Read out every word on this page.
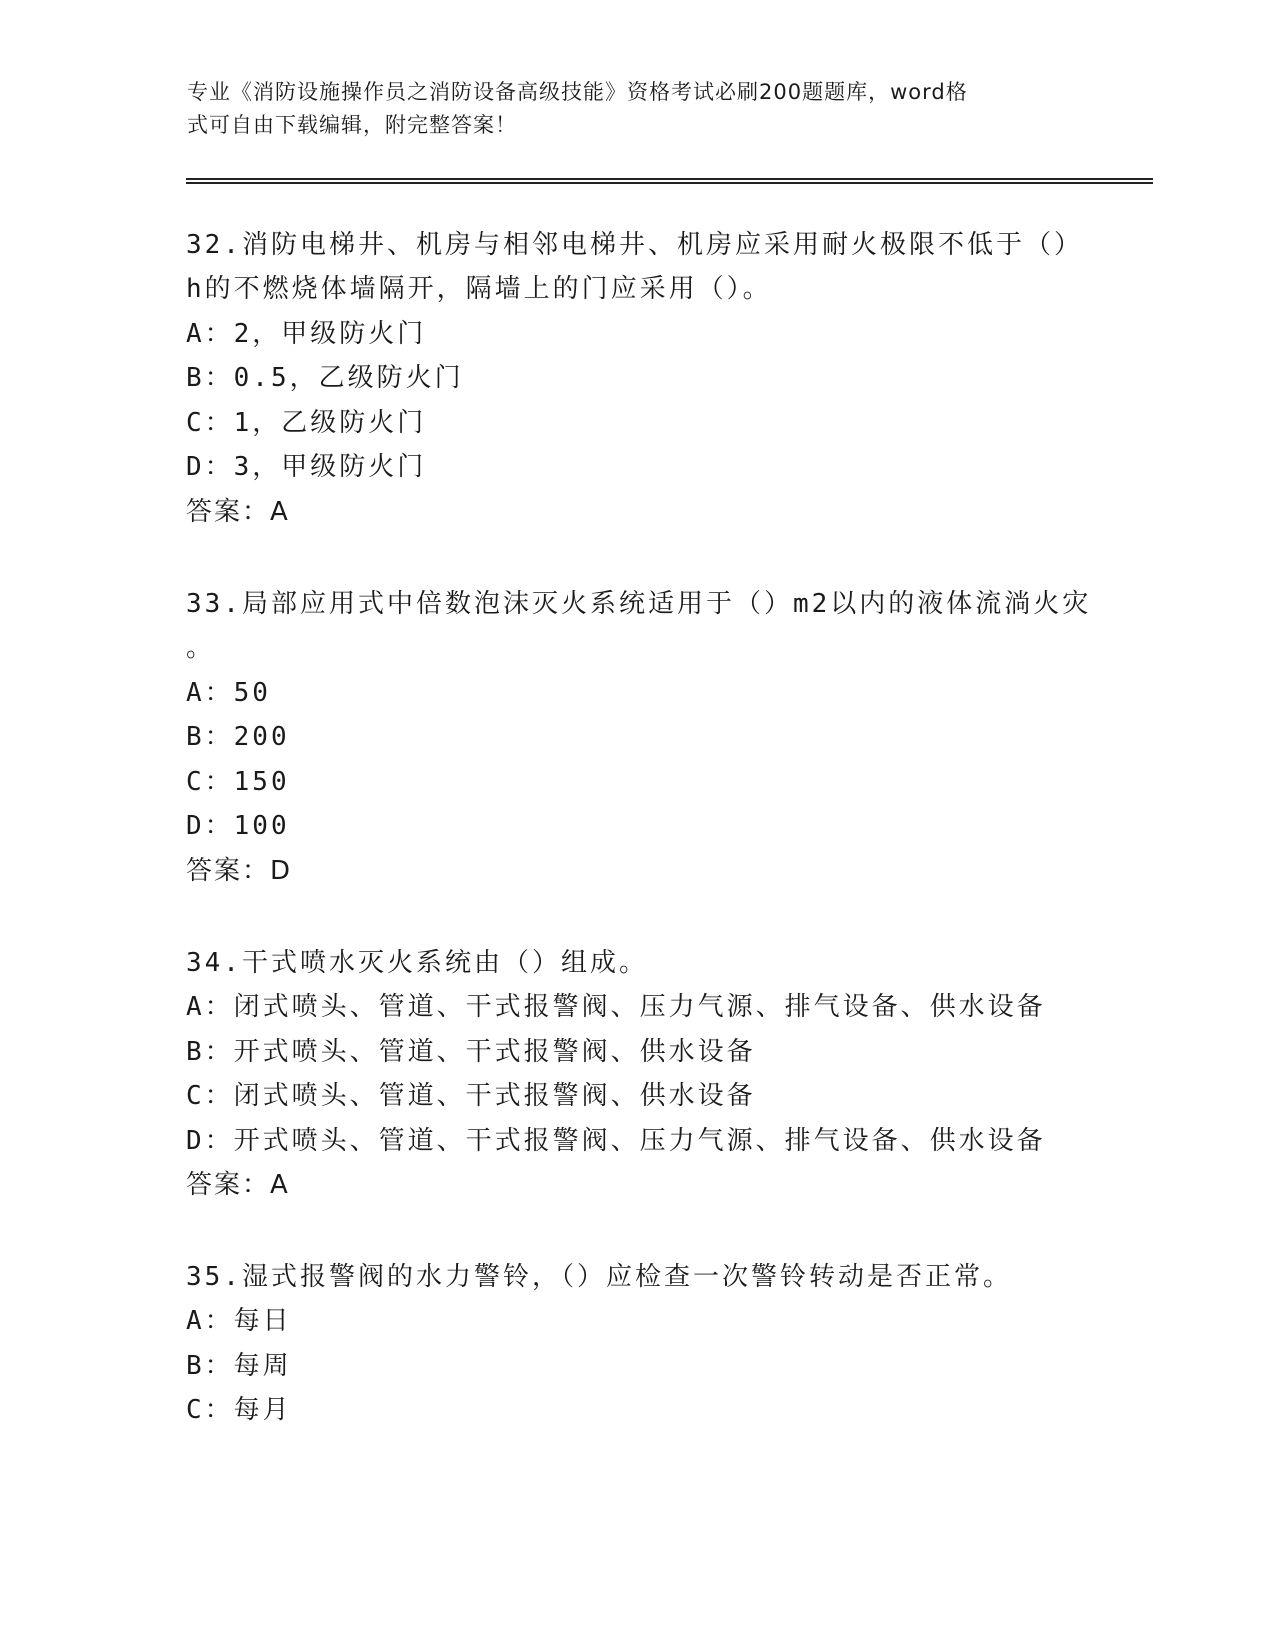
专业《消防设施操作员之消防设备高级技能》资格考试必刷200题题库，word格
式可自由下载编辑，附完整答案！
32.消防电梯井、机房与相邻电梯井、机房应采用耐火极限不低于（）
h的不燃烧体墙隔开，隔墙上的门应采用（）。
A：2，甲级防火门
B：0.5，乙级防火门
C：1，乙级防火门
D：3，甲级防火门
答案：A
33.局部应用式中倍数泡沫灭火系统适用于（）m2以内的液体流淌火灾
。
A：50
B：200
C：150
D：100
答案：D
34.干式喷水灭火系统由（）组成。
A：闭式喷头、管道、干式报警阀、压力气源、排气设备、供水设备
B：开式喷头、管道、干式报警阀、供水设备
C：闭式喷头、管道、干式报警阀、供水设备
D：开式喷头、管道、干式报警阀、压力气源、排气设备、供水设备
答案：A
35.湿式报警阀的水力警铃，（）应检查一次警铃转动是否正常。
A：每日
B：每周
C：每月
